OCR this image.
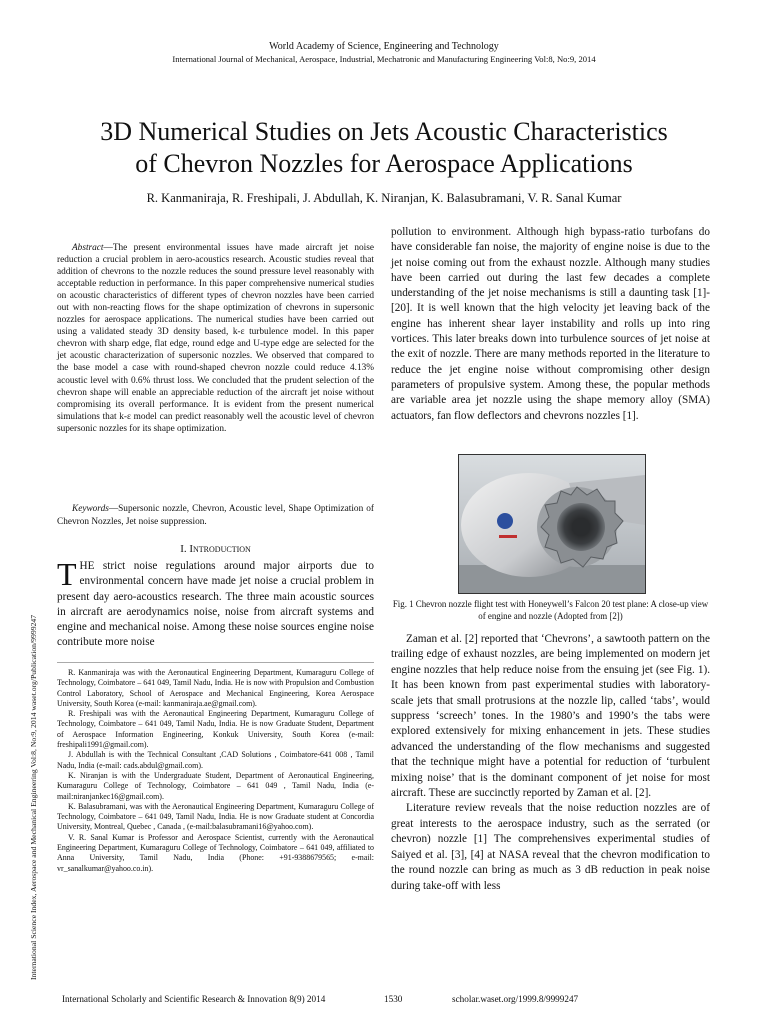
World Academy of Science, Engineering and Technology
International Journal of Mechanical, Aerospace, Industrial, Mechatronic and Manufacturing Engineering Vol:8, No:9, 2014
International Science Index, Aerospace and Mechanical Engineering Vol:8, No:9, 2014 waset.org/Publication/9999247
3D Numerical Studies on Jets Acoustic Characteristics
of Chevron Nozzles for Aerospace Applications
R. Kanmaniraja, R. Freshipali, J. Abdullah, K. Niranjan, K. Balasubramani, V. R. Sanal Kumar

Abstract—The present environmental issues have made aircraft jet noise reduction a crucial problem in aero-acoustics research. Acoustic studies reveal that addition of chevrons to the nozzle reduces the sound pressure level reasonably with acceptable reduction in performance. In this paper comprehensive numerical studies on acoustic characteristics of different types of chevron nozzles have been carried out with non-reacting flows for the shape optimization of chevrons in supersonic nozzles for aerospace applications. The numerical studies have been carried out using a validated steady 3D density based, k-ε turbulence model. In this paper chevron with sharp edge, flat edge, round edge and U-type edge are selected for the jet acoustic characterization of supersonic nozzles. We observed that compared to the base model a case with round-shaped chevron nozzle could reduce 4.13% acoustic level with 0.6% thrust loss. We concluded that the prudent selection of the chevron shape will enable an appreciable reduction of the aircraft jet noise without compromising its overall performance. It is evident from the present numerical simulations that k-ε model can predict reasonably well the acoustic level of chevron supersonic nozzles for its shape optimization.

Keywords—Supersonic nozzle, Chevron, Acoustic level, Shape Optimization of Chevron Nozzles, Jet noise suppression.

I. Introduction
THE strict noise regulations around major airports due to environmental concern have made jet noise a crucial problem in present day aero-acoustics research. The three main acoustic sources in aircraft are aerodynamics noise, noise from aircraft systems and engine and mechanical noise. Among these noise sources engine noise contribute more noise

R. Kanmaniraja was with the Aeronautical Engineering Department, Kumaraguru College of Technology, Coimbatore – 641 049, Tamil Nadu, India. He is now with Propulsion and Combustion Control Laboratory, School of Aerospace and Mechanical Engineering, Korea Aerospace University, South Korea (e-mail: kanmaniraja.ae@gmail.com).

R. Freshipali was with the Aeronautical Engineering Department, Kumaraguru College of Technology, Coimbatore – 641 049, Tamil Nadu, India. He is now Graduate Student, Department of Aerospace Information Engineering, Konkuk University, South Korea (e-mail: freshipali1991@gmail.com).

J. Abdullah is with the Technical Consultant ,CAD Solutions , Coimbatore-641 008 , Tamil Nadu, India (e-mail: cads.abdul@gmail.com).

K. Niranjan is with the Undergraduate Student, Department of Aeronautical Engineering, Kumaraguru College of Technology, Coimbatore – 641 049 , Tamil Nadu, India (e-mail:niranjankec16@gmail.com).

K. Balasubramani, was with the Aeronautical Engineering Department, Kumaraguru College of Technology, Coimbatore – 641 049, Tamil Nadu, India. He is now Graduate student at Concordia University, Montreal, Quebec , Canada , (e-mail:balasubramani16@yahoo.com).

V. R. Sanal Kumar is Professor and Aerospace Scientist, currently with the Aeronautical Engineering Department, Kumaraguru College of Technology, Coimbatore – 641 049, affiliated to Anna University, Tamil Nadu, India (Phone: +91-9388679565; e-mail: vr_sanalkumar@yahoo.co.in).

pollution to environment. Although high bypass-ratio turbofans do have considerable fan noise, the majority of engine noise is due to the jet noise coming out from the exhaust nozzle. Although many studies have been carried out during the last few decades a complete understanding of the jet noise mechanisms is still a daunting task [1]-[20]. It is well known that the high velocity jet leaving back of the engine has inherent shear layer instability and rolls up into ring vortices. This later breaks down into turbulence sources of jet noise at the exit of nozzle. There are many methods reported in the literature to reduce the jet engine noise without compromising other design parameters of propulsive system. Among these, the popular methods are variable area jet nozzle using the shape memory alloy (SMA) actuators, fan flow deflectors and chevrons nozzles [1].
Fig. 1 Chevron nozzle flight test with Honeywell’s Falcon 20 test plane: A close-up view of engine and nozzle (Adopted from [2])

Zaman et al. [2] reported that ‘Chevrons’, a sawtooth pattern on the trailing edge of exhaust nozzles, are being implemented on modern jet engine nozzles that help reduce noise from the ensuing jet (see Fig. 1). It has been known from past experimental studies with laboratory-scale jets that small protrusions at the nozzle lip, called ‘tabs’, would suppress ‘screech’ tones. In the 1980’s and 1990’s the tabs were explored extensively for mixing enhancement in jets. These studies advanced the understanding of the flow mechanisms and suggested that the technique might have a potential for reduction of ‘turbulent mixing noise’ that is the dominant component of jet noise for most aircraft. These are succinctly reported by Zaman et al. [2].

Literature review reveals that the noise reduction nozzles are of great interests to the aerospace industry, such as the serrated (or chevron) nozzle [1] The comprehensives experimental studies of Saiyed et al. [3], [4] at NASA reveal that the chevron modification to the round nozzle can bring as much as 3 dB reduction in peak noise during take-off with less

International Scholarly and Scientific Research & Innovation 8(9) 2014	1530	scholar.waset.org/1999.8/9999247
